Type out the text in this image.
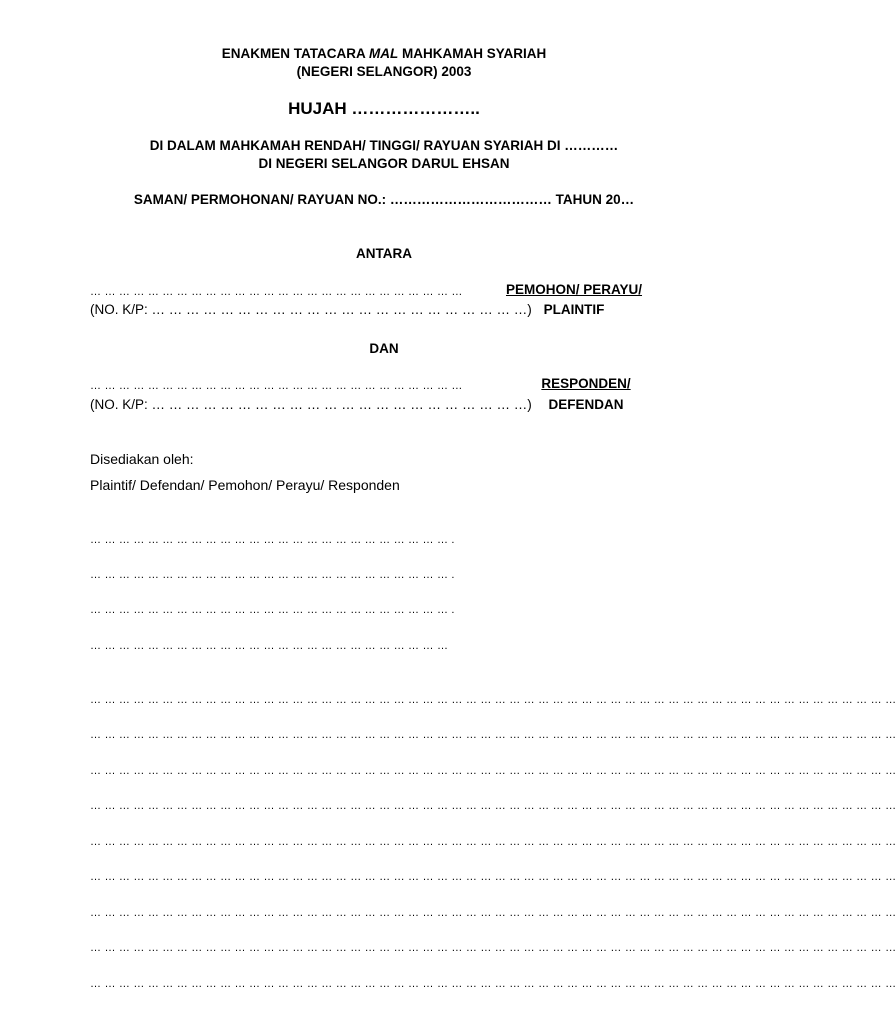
ENAKMEN TATACARA MAL MAHKAMAH SYARIAH
(NEGERI SELANGOR) 2003
HUJAH …………………..
DI DALAM MAHKAMAH RENDAH/ TINGGI/ RAYUAN SYARIAH DI …………
DI NEGERI SELANGOR DARUL EHSAN
SAMAN/ PERMOHONAN/ RAYUAN NO.: ……………………………… TAHUN 20…
ANTARA
… … … … … … … … … … … … … … … … … … … … … … … … … …
(NO. K/P: … … … … … … … … … … … … … … … … … … … … … …)
PEMOHON/ PERAYU/
PLAINTIF
DAN
… … … … … … … … … … … … … … … … … … … … … … … … … …
(NO. K/P: … … … … … … … … … … … … … … … … … … … … … …)
RESPONDEN/
DEFENDAN
Disediakan oleh:
Plaintif/ Defendan/ Pemohon/ Perayu/ Responden
… … … … … … … … … … … … … … … … … … … … … … … … … .
… … … … … … … … … … … … … … … … … … … … … … … … … .
… … … … … … … … … … … … … … … … … … … … … … … … … .
… … … … … … … … … … … … … … … … … … … … … … … … …
… … … … … … … … … … … … … … … … … … … … … … … … … … … … … … … … … … … … … … … … … … … … … … … … … … … … … … … …
… … … … … … … … … … … … … … … … … … … … … … … … … … … … … … … … … … … … … … … … … … … … … … … … … … … … … … … …
… … … … … … … … … … … … … … … … … … … … … … … … … … … … … … … … … … … … … … … … … … … … … … … … … … … … … … … …
… … … … … … … … … … … … … … … … … … … … … … … … … … … … … … … … … … … … … … … … … … … … … … … … … … … … … … … …
… … … … … … … … … … … … … … … … … … … … … … … … … … … … … … … … … … … … … … … … … … … … … … … … … … … … … … … …
… … … … … … … … … … … … … … … … … … … … … … … … … … … … … … … … … … … … … … … … … … … … … … … … … … … … … … … …
… … … … … … … … … … … … … … … … … … … … … … … … … … … … … … … … … … … … … … … … … … … … … … … … … … … … … … … …
… … … … … … … … … … … … … … … … … … … … … … … … … … … … … … … … … … … … … … … … … … … … … … … … … … … … … … … …
… … … … … … … … … … … … … … … … … … … … … … … … … … … … … … … … … … … … … … … … … … … … … … … … … … … … … … … …
